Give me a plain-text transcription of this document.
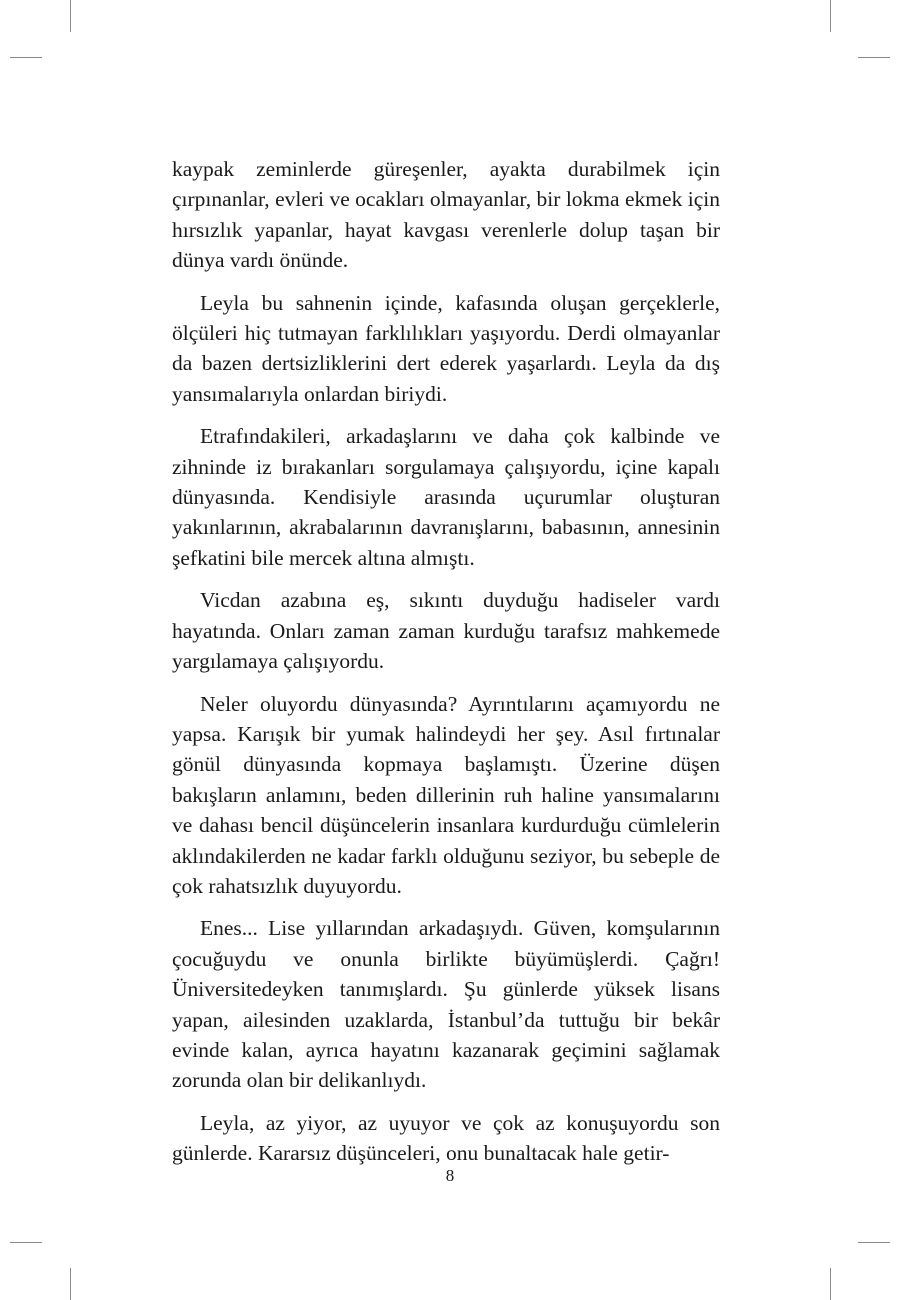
kaypak zeminlerde güreşenler, ayakta durabilmek için çırpınanlar, evleri ve ocakları olmayanlar, bir lokma ekmek için hırsızlık yapanlar, hayat kavgası verenlerle dolup taşan bir dünya vardı önünde.

Leyla bu sahnenin içinde, kafasında oluşan gerçeklerle, ölçüleri hiç tutmayan farklılıkları yaşıyordu. Derdi olmayanlar da bazen dertsizliklerini dert ederek yaşarlardı. Leyla da dış yansımalarıyla onlardan biriydi.

Etrafındakileri, arkadaşlarını ve daha çok kalbinde ve zihninde iz bırakanları sorgulamaya çalışıyordu, içine kapalı dünyasında. Kendisiyle arasında uçurumlar oluşturan yakınlarının, akrabalarının davranışlarını, babasının, annesinin şefkatini bile mercek altına almıştı.

Vicdan azabına eş, sıkıntı duyduğu hadiseler vardı hayatında. Onları zaman zaman kurduğu tarafsız mahkemede yargılamaya çalışıyordu.

Neler oluyordu dünyasında? Ayrıntılarını açamıyordu ne yapsa. Karışık bir yumak halindeydi her şey. Asıl fırtınalar gönül dünyasında kopmaya başlamıştı. Üzerine düşen bakışların anlamını, beden dillerinin ruh haline yansımalarını ve dahası bencil düşüncelerin insanlara kurdurduğu cümlelerin aklındakilerden ne kadar farklı olduğunu seziyor, bu sebeple de çok rahatsızlık duyuyordu.

Enes... Lise yıllarından arkadaşıydı. Güven, komşularının çocuğuydu ve onunla birlikte büyümüşlerdi. Çağrı! Üniversitedeyken tanımışlardı. Şu günlerde yüksek lisans yapan, ailesinden uzaklarda, İstanbul’da tuttuğu bir bekâr evinde kalan, ayrıca hayatını kazanarak geçimini sağlamak zorunda olan bir delikanlıydı.

Leyla, az yiyor, az uyuyor ve çok az konuşuyordu son günlerde. Kararsız düşünceleri, onu bunaltacak hale getir-

8
